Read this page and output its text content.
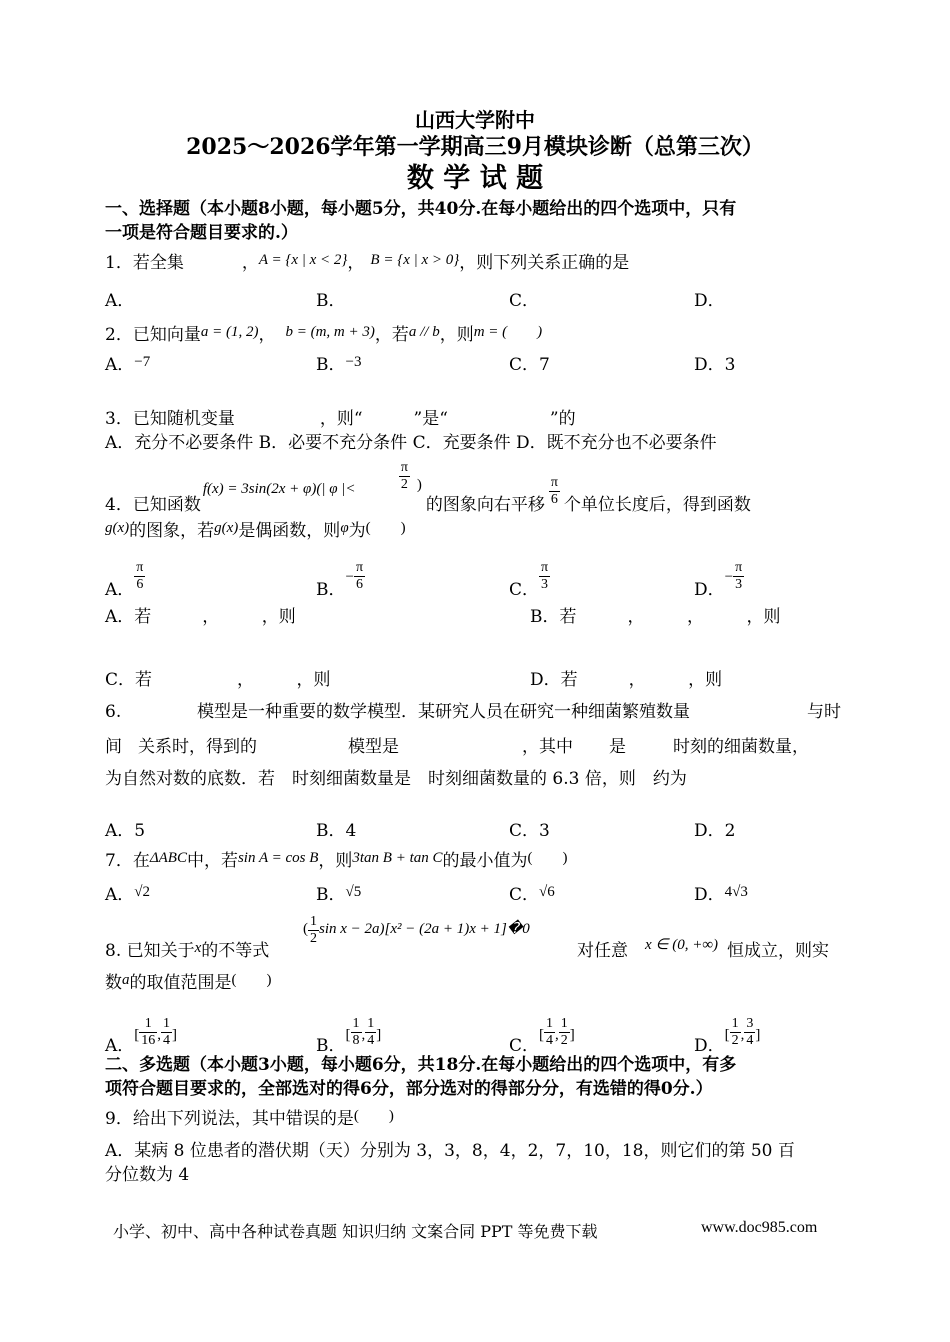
山西大学附中
2025～2026学年第一学期高三9月模块诊断（总第三次）
数 学 试 题
一、选择题（本小题8小题，每小题5分，共40分.在每小题给出的四个选项中，只有
一项是符合题目要求的.）
1．若全集	，A = {x | x < 2}， B = {x | x > 0}，则下列关系正确的是
A．	B．	C．	D．
2．已知向量a = (1, 2)， b = (m, m + 3)，若a // b，则m = (　　)
A．−7	B．−3	C．7	D．3
3．已知随机变量　　　　　，则“　　　”是“　　　　　　”的
A．充分不必要条件 B．必要不充分条件 C．充要条件 D．既不充分也不必要条件
4．已知函数
f(x) = 3sin(2x + φ)(| φ |<	$\frac{\pi}{2}$ )
的图象向右平移 $\frac{\pi}{6}$ 个单位长度后，得到函数
g(x)的图象，若g(x)是偶函数，则φ为(　　)
A． $\frac{\pi}{6}$	B．− $\frac{\pi}{6}$	C． $\frac{\pi}{3}$	D．− $\frac{\pi}{3}$
A．若　　　，　　　，则	B．若　　　，　　　，　　　，则
C．若　　　　　，　　　，则	D．若　　　，　　　，则
6.	模型是一种重要的数学模型．某研究人员在研究一种细菌繁殖数量	与时
间 关系时，得到的	模型是	，其中 是	时刻的细菌数量，
为自然对数的底数．若　时刻细菌数量是　时刻细菌数量的 6.3 倍，则　约为
A．5	B．4	C．3	D．2
7．在ΔABC中，若sin A = cos B，则3tan B + tan C的最小值为(　　)
A．√2	B．√5	C．√6	D．4√3
8. 已知关于x的不等式
( $\frac{1}{2}$ sin x − 2a)[x² − (2a + 1)x + 1]�0
对任意 x ∈ (0, +∞) 恒成立，则实
数a的取值范围是(　　)
A．[ $\frac{1}{16}$ , $\frac{1}{4}$ ]
B．[ $\frac{1}{8}$ , $\frac{1}{4}$ ]
C．[ $\frac{1}{4}$ , $\frac{1}{2}$ ]
D．[ $\frac{1}{2}$ , $\frac{3}{4}$ ]
二、多选题（本小题3小题，每小题6分，共18分.在每小题给出的四个选项中，有多
项符合题目要求的，全部选对的得6分，部分选对的得部分分，有选错的得0分.）
9．给出下列说法，其中错误的是(　　)
A．某病 8 位患者的潜伏期（天）分别为 3，3，8，4，2，7，10，18，则它们的第 50 百
分位数为 4
小学、初中、高中各种试卷真题 知识归纳 文案合同 PPT 等免费下载	www.doc985.com
